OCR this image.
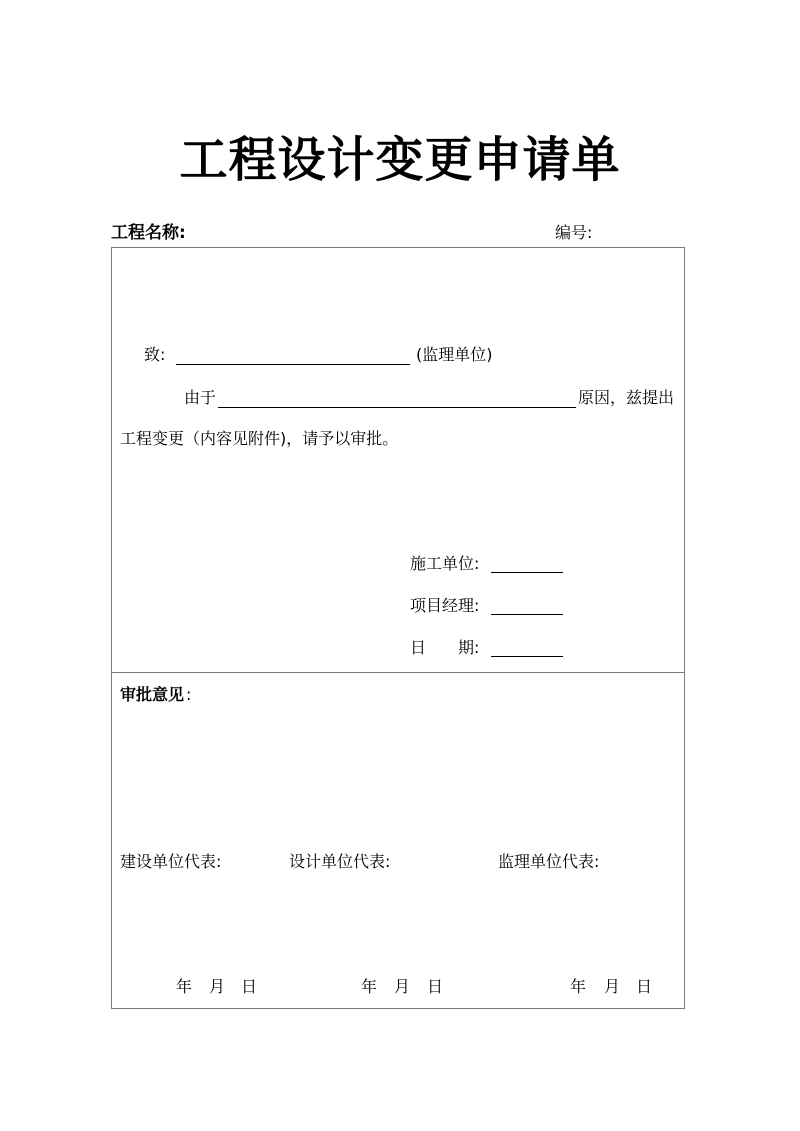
工程设计变更申请单
工程名称:	编号:
致:	(监理单位)
由于	原因，兹提出
工程变更（内容见附件)，请予以审批。
施工单位:
项目经理:
日　　期:
审批意见 :
建设单位代表:	设计单位代表:	监理单位代表:
年 月 日	年 月 日	年 月 日
